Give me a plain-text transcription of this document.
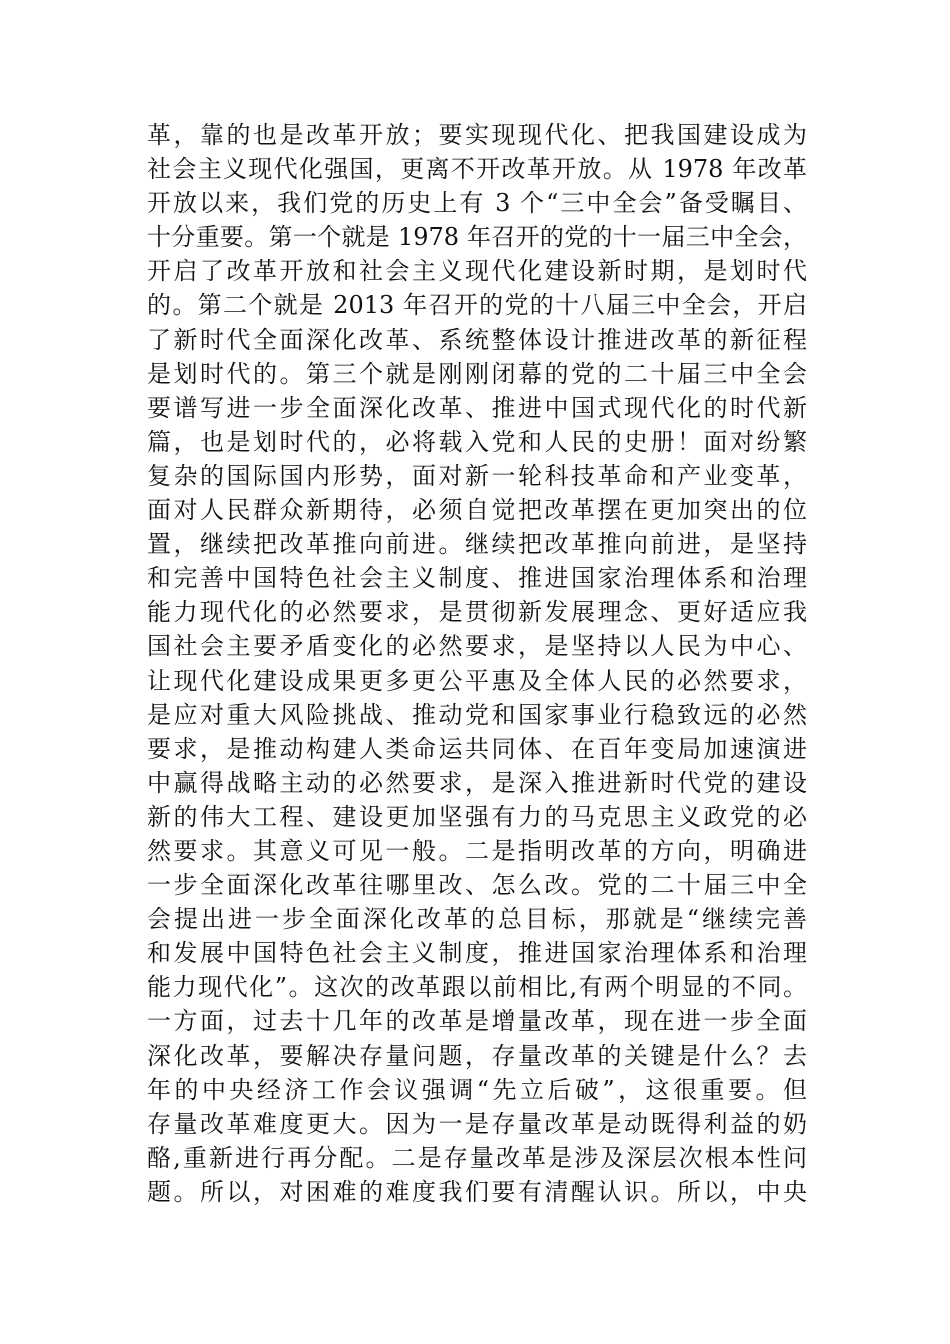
革，靠的也是改革开放；要实现现代化、把我国建设成为
社会主义现代化强国，更离不开改革开放。从 1978 年改革
开放以来，我们党的历史上有 3 个“三中全会”备受瞩目、
十分重要。第一个就是 1978 年召开的党的十一届三中全会，
开启了改革开放和社会主义现代化建设新时期，是划时代
的。第二个就是 2013 年召开的党的十八届三中全会，开启
了新时代全面深化改革、系统整体设计推进改革的新征程
是划时代的。第三个就是刚刚闭幕的党的二十届三中全会
要谱写进一步全面深化改革、推进中国式现代化的时代新
篇，也是划时代的，必将载入党和人民的史册！面对纷繁
复杂的国际国内形势，面对新一轮科技革命和产业变革，
面对人民群众新期待，必须自觉把改革摆在更加突出的位
置，继续把改革推向前进。继续把改革推向前进，是坚持
和完善中国特色社会主义制度、推进国家治理体系和治理
能力现代化的必然要求，是贯彻新发展理念、更好适应我
国社会主要矛盾变化的必然要求，是坚持以人民为中心、
让现代化建设成果更多更公平惠及全体人民的必然要求，
是应对重大风险挑战、推动党和国家事业行稳致远的必然
要求，是推动构建人类命运共同体、在百年变局加速演进
中赢得战略主动的必然要求，是深入推进新时代党的建设
新的伟大工程、建设更加坚强有力的马克思主义政党的必
然要求。其意义可见一般。二是指明改革的方向，明确进
一步全面深化改革往哪里改、怎么改。党的二十届三中全
会提出进一步全面深化改革的总目标，那就是“继续完善
和发展中国特色社会主义制度，推进国家治理体系和治理
能力现代化”。这次的改革跟以前相比,有两个明显的不同。
一方面，过去十几年的改革是增量改革，现在进一步全面
深化改革，要解决存量问题，存量改革的关键是什么？去
年的中央经济工作会议强调“先立后破”，这很重要。但
存量改革难度更大。因为一是存量改革是动既得利益的奶
酪,重新进行再分配。二是存量改革是涉及深层次根本性问
题。所以，对困难的难度我们要有清醒认识。所以，中央
